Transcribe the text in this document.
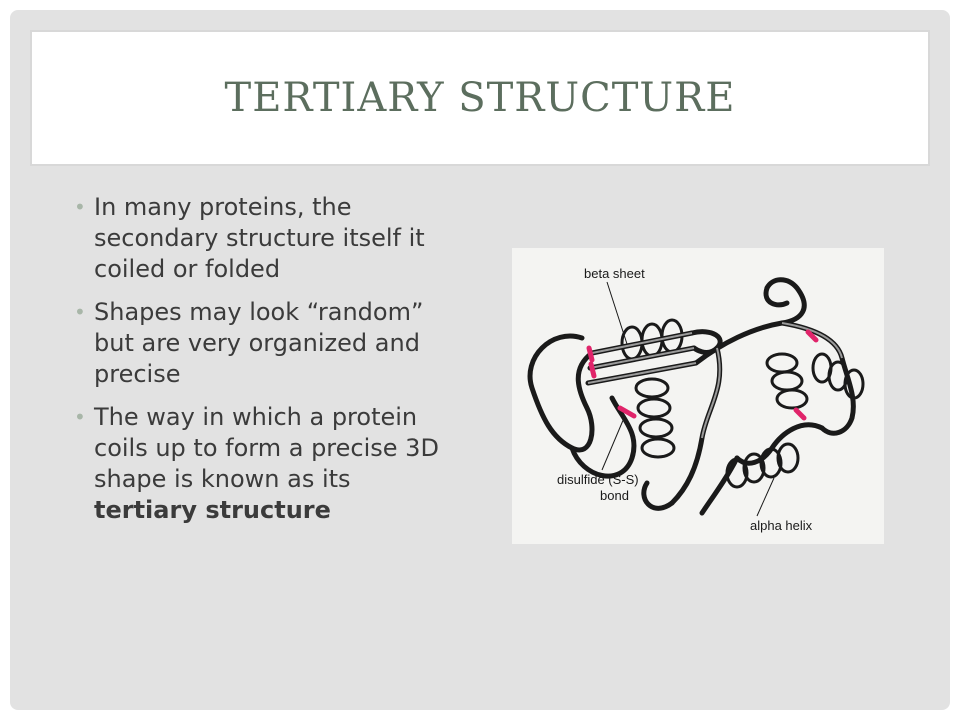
TERTIARY STRUCTURE
• In many proteins, the secondary structure itself it coiled or folded
• Shapes may look “random” but are very organized and precise
• The way in which a protein coils up to form a precise 3D shape is known as its tertiary structure
beta sheet
disulfide (S-S)
bond
alpha helix
